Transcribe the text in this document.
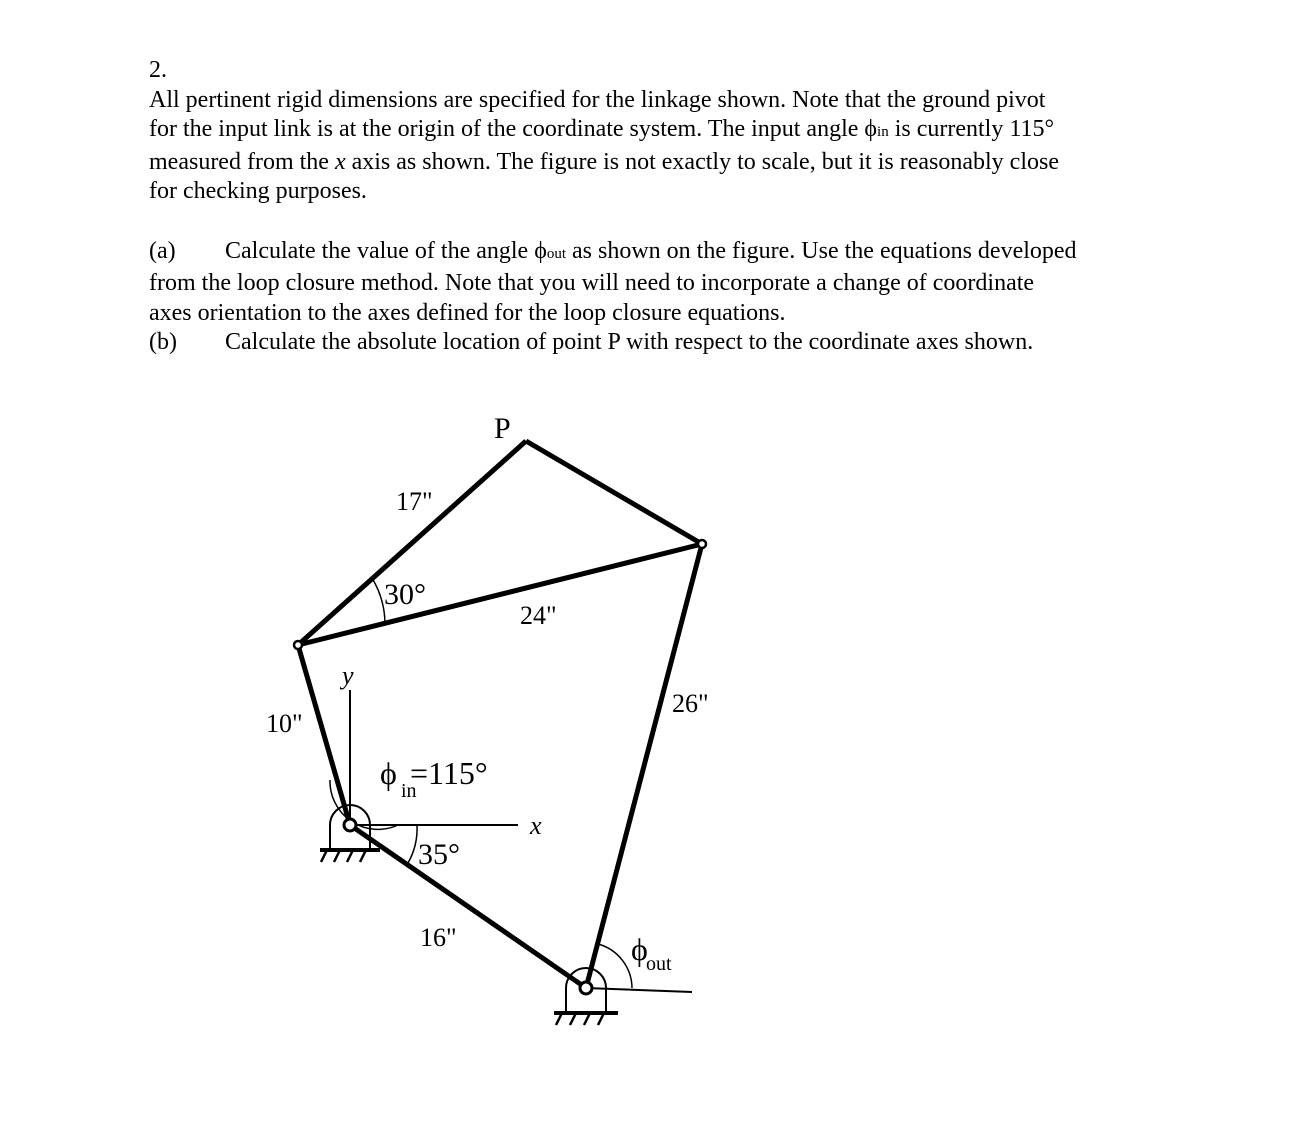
2.

All pertinent rigid dimensions are specified for the linkage shown. Note that the ground pivot

for the input link is at the origin of the coordinate system. The input angle ϕin is currently 115°

measured from the x axis as shown. The figure is not exactly to scale, but it is reasonably close

for checking purposes.

(a) Calculate the value of the angle ϕout as shown on the figure. Use the equations developed

from the loop closure method. Note that you will need to incorporate a change of coordinate

axes orientation to the axes defined for the loop closure equations.

(b) Calculate the absolute location of point P with respect to the coordinate axes shown.

P
17"
30°
24"
26"
10"
y
ϕ in
=115°
x
35°
16"	ϕ
out
